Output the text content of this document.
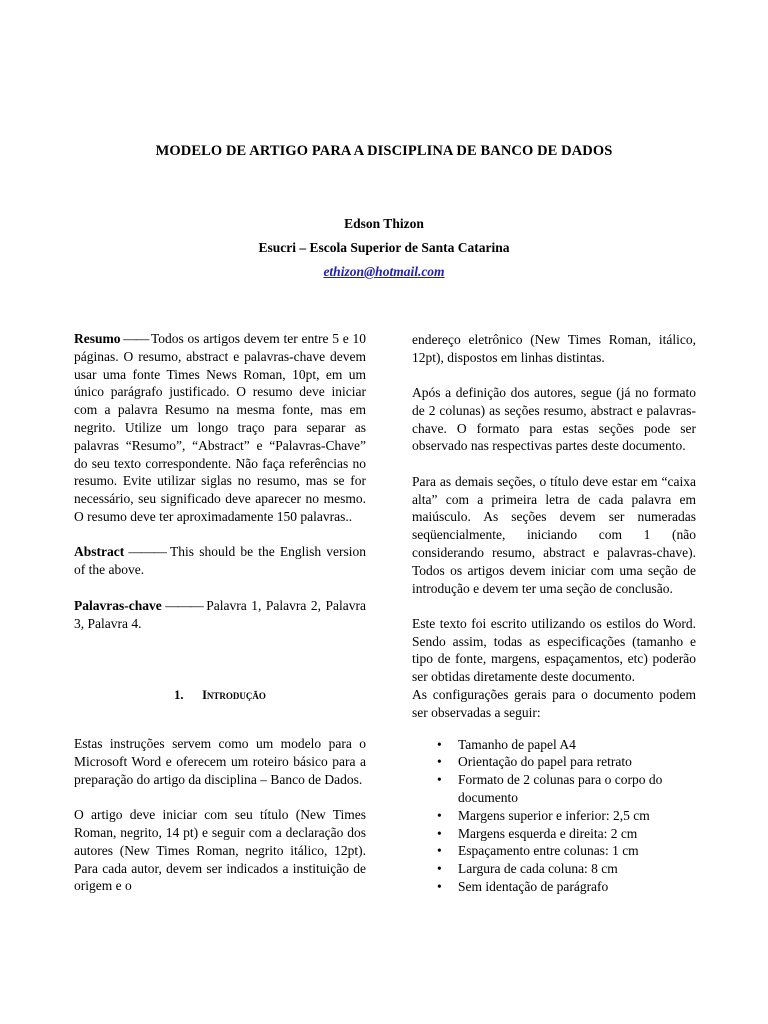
MODELO DE ARTIGO PARA A DISCIPLINA DE BANCO DE DADOS
Edson Thizon
Esucri – Escola Superior de Santa Catarina
ethizon@hotmail.com

Resumo —— Todos os artigos devem ter entre 5 e 10 páginas. O resumo, abstract e palavras-chave devem usar uma fonte Times News Roman, 10pt, em um único parágrafo justificado. O resumo deve iniciar com a palavra Resumo na mesma fonte, mas em negrito. Utilize um longo traço para separar as palavras “Resumo”, “Abstract” e “Palavras-Chave” do seu texto correspondente. Não faça referências no resumo. Evite utilizar siglas no resumo, mas se for necessário, seu significado deve aparecer no mesmo. O resumo deve ter aproximadamente 150 palavras..

Abstract ——— This should be the English version of the above.

Palavras-chave ——— Palavra 1, Palavra 2, Palavra 3, Palavra 4.

1. Introdução

Estas instruções servem como um modelo para o Microsoft Word e oferecem um roteiro básico para a preparação do artigo da disciplina – Banco de Dados.

O artigo deve iniciar com seu título (New Times Roman, negrito, 14 pt) e seguir com a declaração dos autores (New Times Roman, negrito itálico, 12pt). Para cada autor, devem ser indicados a instituição de origem e o

endereço eletrônico (New Times Roman, itálico, 12pt), dispostos em linhas distintas.

Após a definição dos autores, segue (já no formato de 2 colunas) as seções resumo, abstract e palavras-chave. O formato para estas seções pode ser observado nas respectivas partes deste documento.

Para as demais seções, o título deve estar em “caixa alta” com a primeira letra de cada palavra em maiúsculo. As seções devem ser numeradas seqüencialmente, iniciando com 1 (não considerando resumo, abstract e palavras-chave). Todos os artigos devem iniciar com uma seção de introdução e devem ter uma seção de conclusão.

Este texto foi escrito utilizando os estilos do Word. Sendo assim, todas as especificações (tamanho e tipo de fonte, margens, espaçamentos, etc) poderão ser obtidas diretamente deste documento.

As configurações gerais para o documento podem ser observadas a seguir:

• Tamanho de papel A4
• Orientação do papel para retrato
• Formato de 2 colunas para o corpo do documento
• Margens superior e inferior: 2,5 cm
• Margens esquerda e direita: 2 cm
• Espaçamento entre colunas: 1 cm
• Largura de cada coluna: 8 cm
• Sem identação de parágrafo
